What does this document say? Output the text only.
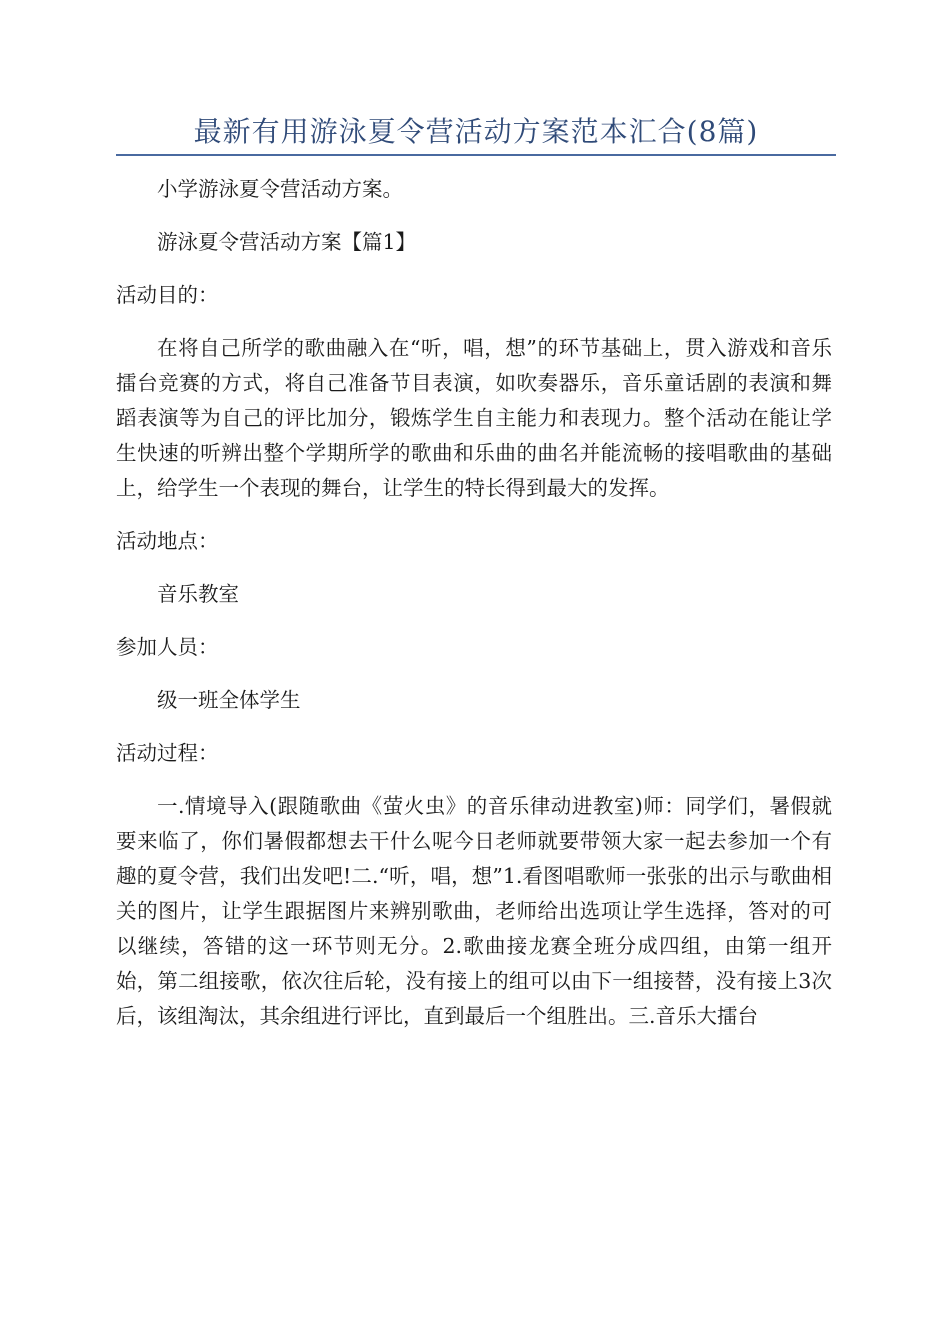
最新有用游泳夏令营活动方案范本汇合(8篇)

小学游泳夏令营活动方案。

游泳夏令营活动方案【篇1】

活动目的：

在将自己所学的歌曲融入在“听，唱，想”的环节基础上，贯入游戏和音乐擂台竞赛的方式，将自己准备节目表演，如吹奏器乐，音乐童话剧的表演和舞蹈表演等为自己的评比加分，锻炼学生自主能力和表现力。整个活动在能让学生快速的听辨出整个学期所学的歌曲和乐曲的曲名并能流畅的接唱歌曲的基础上，给学生一个表现的舞台，让学生的特长得到最大的发挥。

活动地点：

音乐教室

参加人员：

级一班全体学生

活动过程：

一.情境导入(跟随歌曲《萤火虫》的音乐律动进教室)师：同学们，暑假就要来临了，你们暑假都想去干什么呢今日老师就要带领大家一起去参加一个有趣的夏令营，我们出发吧!二.“听，唱，想”1.看图唱歌师一张张的出示与歌曲相关的图片，让学生跟据图片来辨别歌曲，老师给出选项让学生选择，答对的可以继续，答错的这一环节则无分。2.歌曲接龙赛全班分成四组，由第一组开始，第二组接歌，依次往后轮，没有接上的组可以由下一组接替，没有接上3次后，该组淘汰，其余组进行评比，直到最后一个组胜出。三.音乐大擂台
